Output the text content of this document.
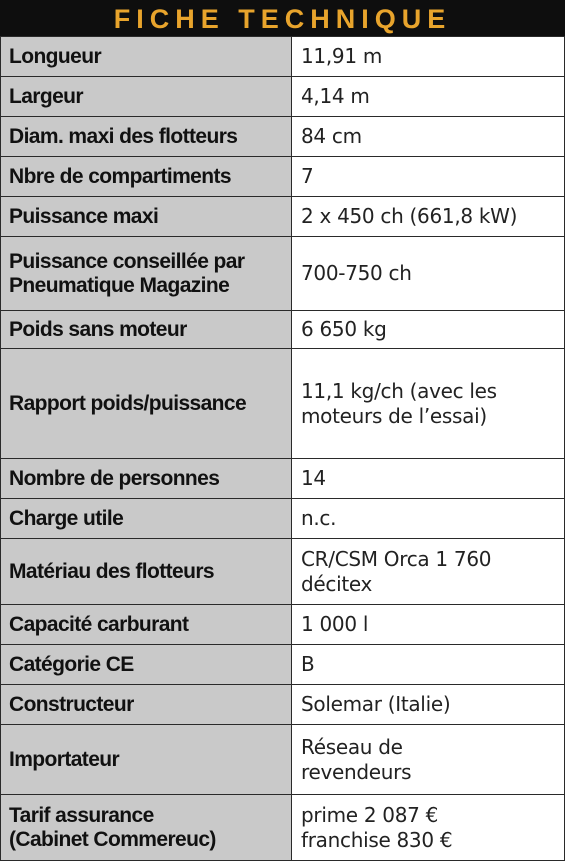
FICHE TECHNIQUE
Longueur	11,91 m
Largeur	4,14 m
Diam. maxi des flotteurs	84 cm
Nbre de compartiments	7
Puissance maxi	2 x 450 ch (661,8 kW)
Puissance conseillée par
Pneumatique Magazine	700-750 ch
Poids sans moteur	6 650 kg
Rapport poids/puissance	11,1 kg/ch (avec les
moteurs de l’essai)
Nombre de personnes	14
Charge utile	n.c.
Matériau des flotteurs	CR/CSM Orca 1 760
décitex
Capacité carburant	1 000 l
Catégorie CE	B
Constructeur	Solemar (Italie)
Importateur	Réseau de
revendeurs
Tarif assurance
(Cabinet Commereuc)	prime 2 087 €
franchise 830 €
